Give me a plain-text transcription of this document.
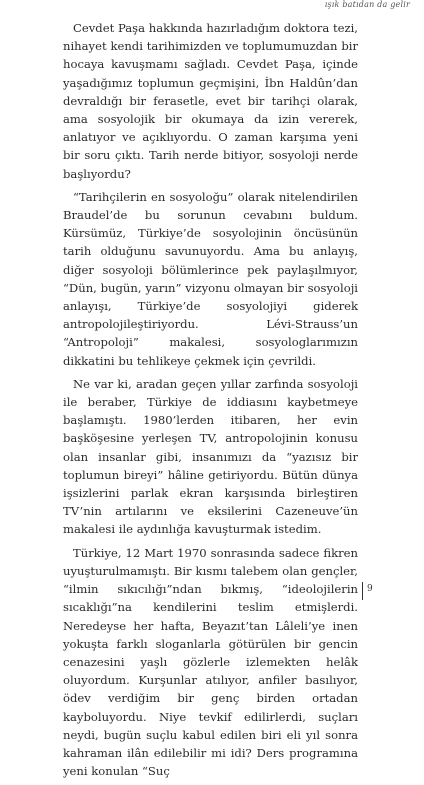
ışık batıdan da gelir

Cevdet Paşa hakkında hazırladığım doktora tezi, nihayet kendi tarihimizden ve toplumumuzdan bir hocaya kavuşmamı sağladı. Cevdet Paşa, içinde yaşadığımız toplumun geçmişini, İbn Haldûn’dan devraldığı bir ferasetle, evet bir tarihçi olarak, ama sosyolojik bir okumaya da izin vererek, anlatıyor ve açıklıyordu. O zaman karşıma yeni bir soru çıktı. Tarih nerde bitiyor, sosyoloji nerde başlıyordu?

“Tarihçilerin en sosyoloğu” olarak nitelendirilen Braudel’de bu sorunun cevabını buldum. Kürsümüz, Türkiye’de sosyolojinin öncüsünün tarih olduğunu savunuyordu. Ama bu anlayış, diğer sosyoloji bölümlerince pek paylaşılmıyor, “Dün, bugün, yarın” vizyonu olmayan bir sosyoloji anlayışı, Türkiye’de sosyolojiyi giderek antropolojileştiriyordu. Lévi-Strauss’un “Antropoloji” makalesi, sosyologlarımızın dikkatini bu tehlikeye çekmek için çevrildi.

Ne var ki, aradan geçen yıllar zarfında sosyoloji ile beraber, Türkiye de iddiasını kaybetmeye başlamıştı. 1980’lerden itibaren, her evin başköşesine yerleşen TV, antropolojinin konusu olan insanlar gibi, insanımızı da “yazısız bir toplumun bireyi” hâline getiriyordu. Bütün dünya işsizlerini parlak ekran karşısında birleştiren TV’nin artılarını ve eksilerini Cazeneuve’ün makalesi ile aydınlığa kavuşturmak istedim.

Türkiye, 12 Mart 1970 sonrasında sadece fikren uyuşturulmamıştı. Bir kısmı talebem olan gençler, “ilmin sıkıcılığı”ndan bıkmış, “ideolojilerin sıcaklığı”na kendilerini teslim etmişlerdi. Neredeyse her hafta, Beyazıt’tan Lâleli’ye inen yokuşta farklı sloganlarla götürülen bir gencin cenazesini yaşlı gözlerle izlemekten helâk oluyordum. Kurşunlar atılıyor, anfiler basılıyor, ödev verdiğim bir genç birden ortadan kayboluyordu. Niye tevkif edilirlerdi, suçları neydi, bugün suçlu kabul edilen biri eli yıl sonra kahraman ilân edilebilir mi idi? Ders programına yeni konulan “Suç

9
